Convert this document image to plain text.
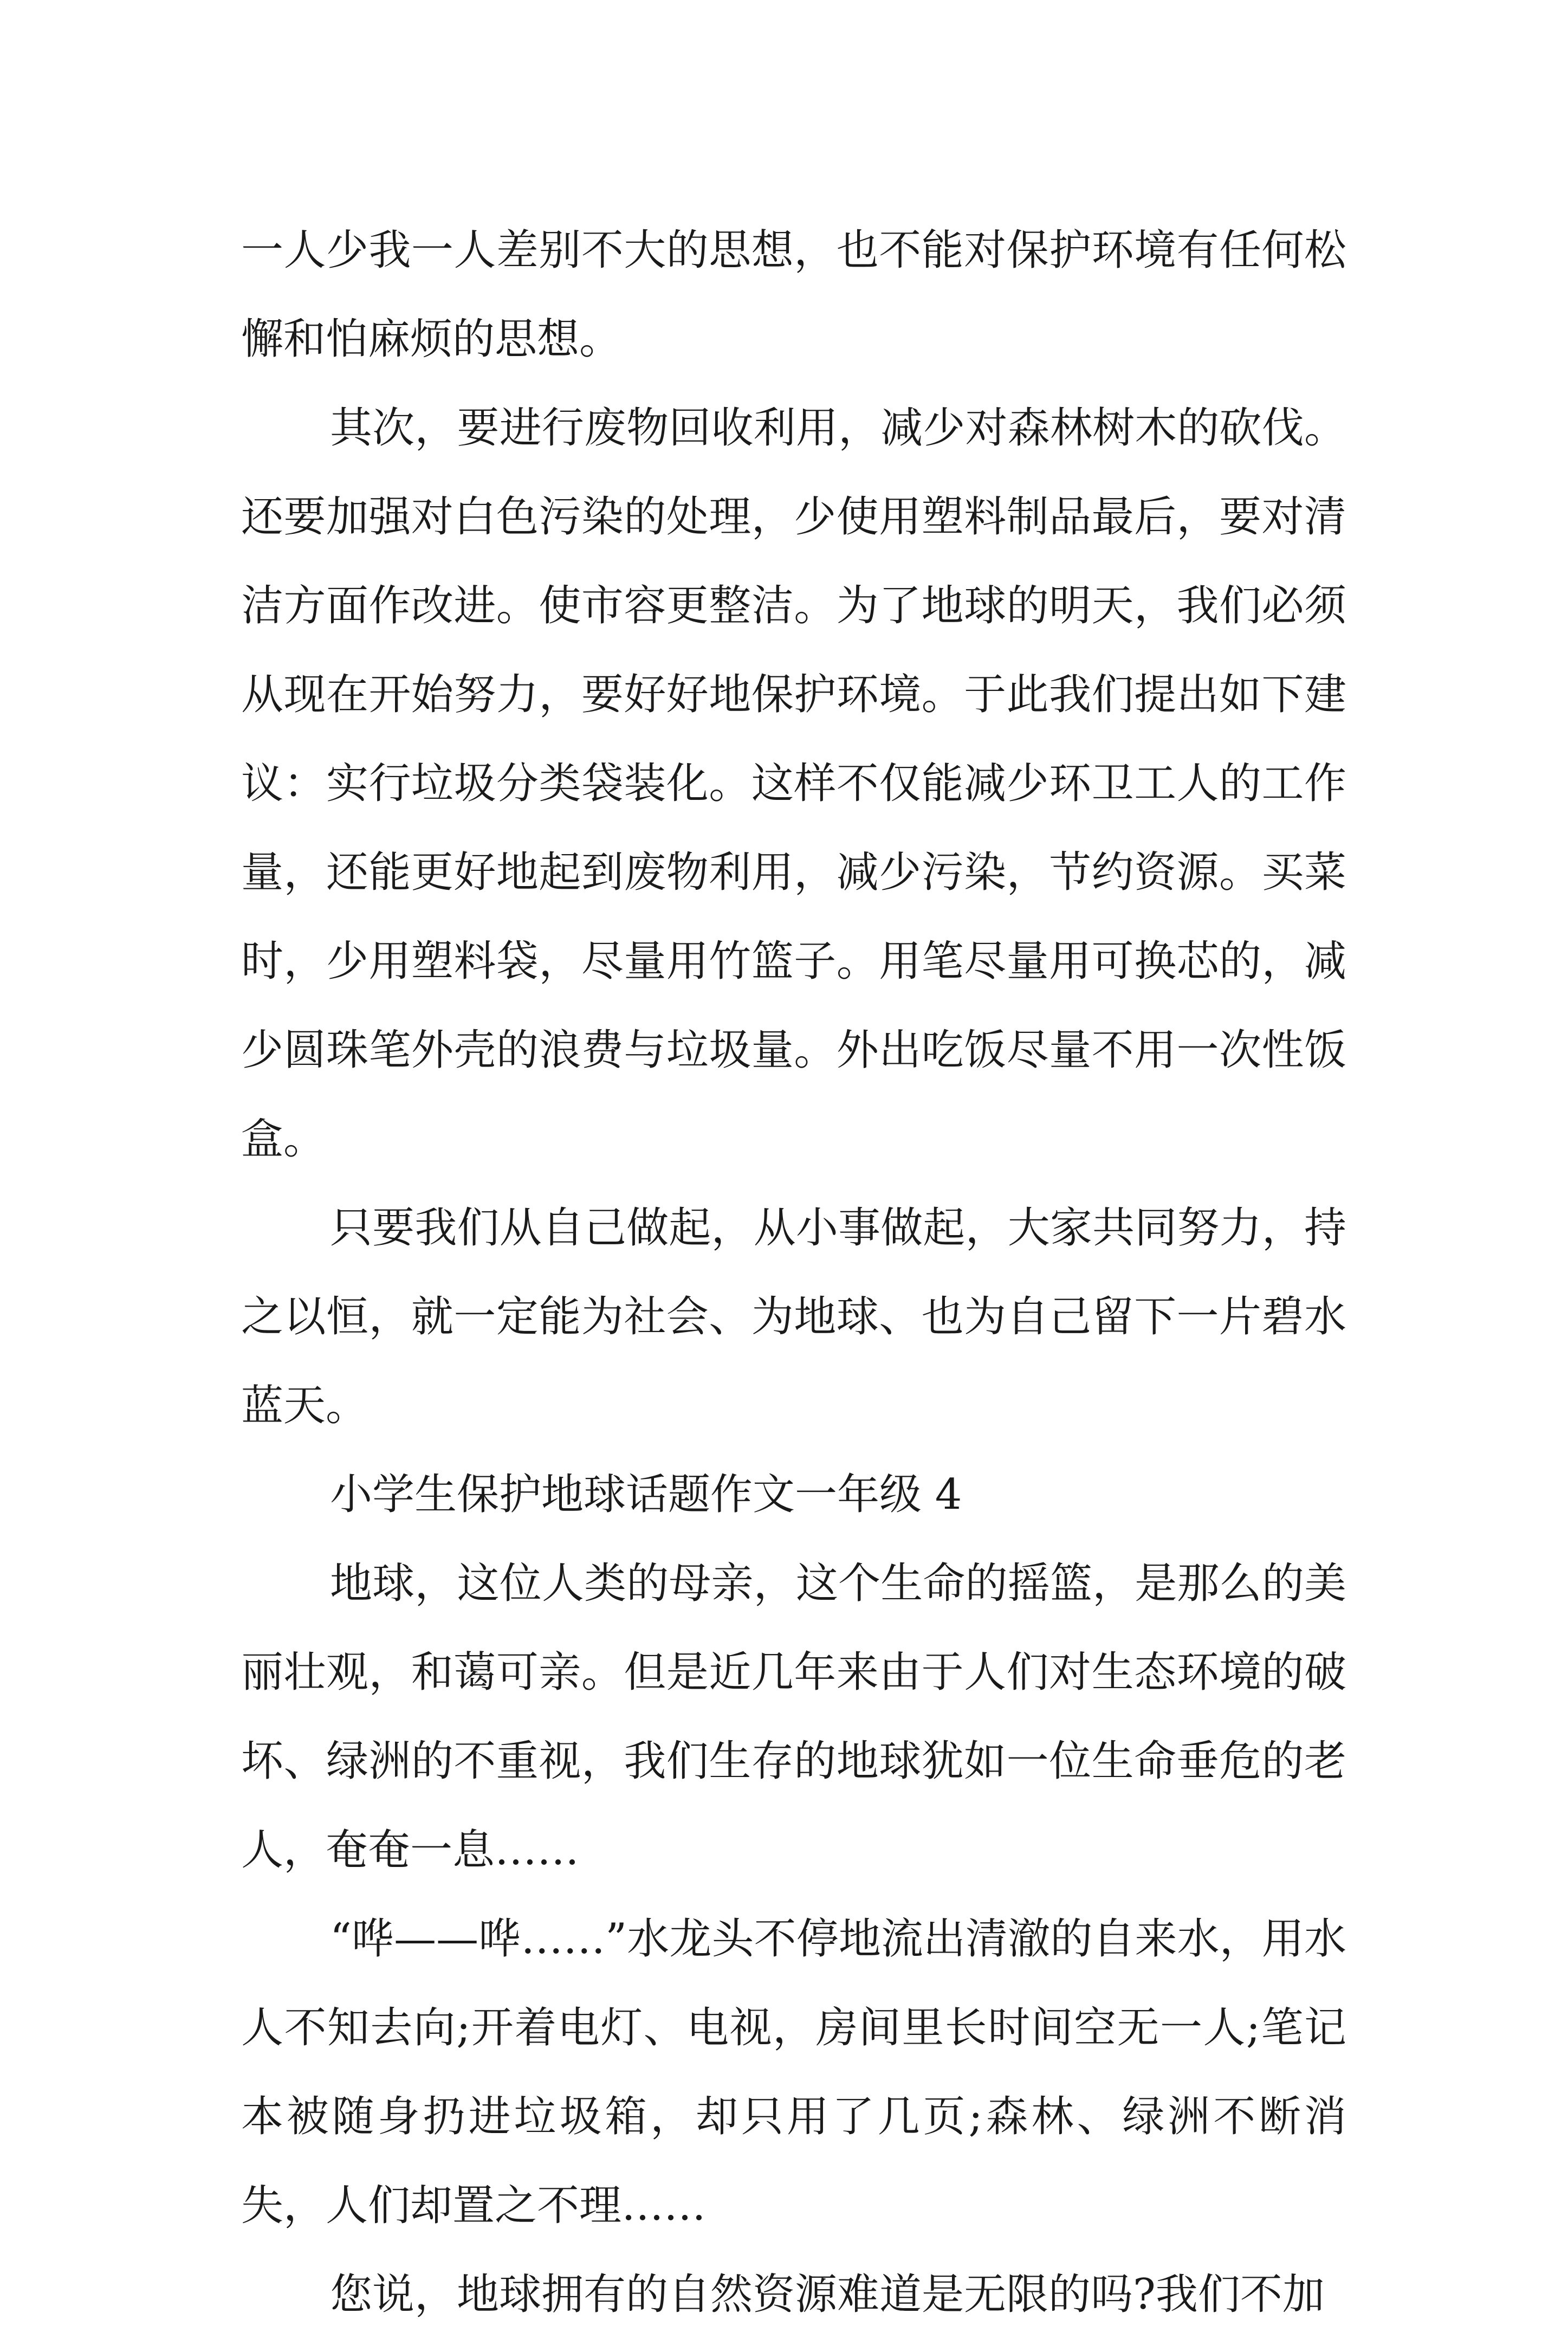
一人少我一人差别不大的思想，也不能对保护环境有任何松懈和怕麻烦的思想。

其次，要进行废物回收利用，减少对森林树木的砍伐。还要加强对白色污染的处理，少使用塑料制品最后，要对清洁方面作改进。使市容更整洁。为了地球的明天，我们必须从现在开始努力，要好好地保护环境。于此我们提出如下建议：实行垃圾分类袋装化。这样不仅能减少环卫工人的工作量，还能更好地起到废物利用，减少污染，节约资源。买菜时，少用塑料袋，尽量用竹篮子。用笔尽量用可换芯的，减少圆珠笔外壳的浪费与垃圾量。外出吃饭尽量不用一次性饭盒。

只要我们从自己做起，从小事做起，大家共同努力，持之以恒，就一定能为社会、为地球、也为自己留下一片碧水蓝天。

小学生保护地球话题作文一年级 4

地球，这位人类的母亲，这个生命的摇篮，是那么的美丽壮观，和蔼可亲。但是近几年来由于人们对生态环境的破坏、绿洲的不重视，我们生存的地球犹如一位生命垂危的老人，奄奄一息……

“哗——哗……”水龙头不停地流出清澈的自来水，用水人不知去向;开着电灯、电视，房间里长时间空无一人;笔记本被随身扔进垃圾箱，却只用了几页;森林、绿洲不断消失，人们却置之不理……

您说，地球拥有的自然资源难道是无限的吗?我们不加
